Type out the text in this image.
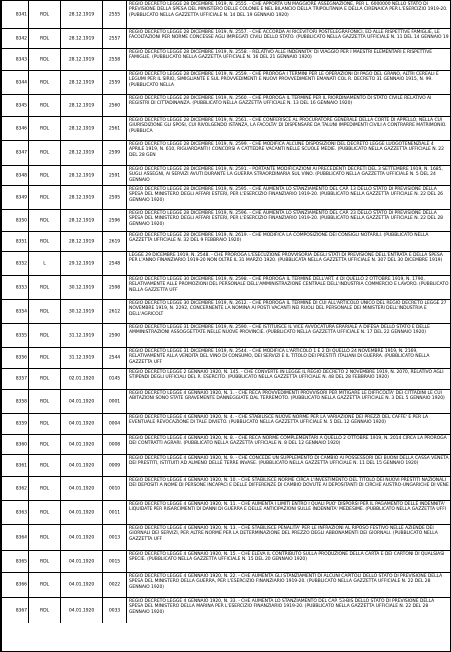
8341	RDL	28.12.1919	2555
REGIO DECRETO LEGGE 28 DICEMBRE 1919, N. 2555. - CHE APPORTA UN MAGGIORE ASSEGNAZIONE, PER L. 6000000 NELLO STATO DI PREVISIONE DELLA SPESA DEL MINISTERO DELLE COLONIE E NEL BILANCIO DELLA TRIPOLITANIA E DELLA CIRENAICA PER L'ESERCIZIO 1919-20. (PUBBLICATO NELLA GAZZETTA UFFICIALE N. 14 DEL 19 GENNAIO 1920)
8342	RDL	28.12.1919	2557
REGIO DECRETO LEGGE 28 DICEMBRE 1919, N. 2557. - CHE ACCORDA AI RICEVITORI POSTELEGRAFONICI, ED ALLE RISPETTIVE FAMIGLIE, LE FACOLTAZIONI PER NORME CONCESSE AGLI IMPIEGATI CIVILI DELLO STATO. (PUBBLICATO NELLA GAZZETTA UFFICIALE N. 11 DEL 14 GENNAIO 19
8343	RDL	28.12.1919	2558
REGIO DECRETO LEGGE 28 DICEMBRE 1919, N. 2558. - RELATIVO ALLE INDENNITA' DI VIAGGIO PER I MAESTRI ELEMENTARI E RISPETTIVE FAMIGLIE. (PUBBLICATO NELLA GAZZETTA UFFICIALE N. 16 DEL 21 GENNAIO 1920)
8344	RDL	28.12.1919	2559
REGIO DECRETO LEGGE 28 DICEMBRE 1919, N. 2559. - CHE PROROGA I TERMINI PER LE OPERAZIONI DI PAGO DEL GRANO, ALTRI CEREALI E LEGUMI PER IL SIRIO, SIMIGLIANTE E SUL PROVVEDIMENTI E NUOVI PROVVEDIMENTI EMANATI COL R. DECRETO 31 GENNAIO 1915, N. 99. (PUBBLICATO NELLA
8345	RDL	28.12.1919	2560
REGIO DECRETO LEGGE 28 DICEMBRE 1919, N. 2560. - CHE PROROGA IL TERMINE PER IL RIORDINAMENTO DI STATO CIVILE RELATIVO AI REGISTRI DI CITTADINANZA. (PUBBLICATO NELLA GAZZETTA UFFICIALE N. 13 DEL 16 GENNAIO 1920)
8346	RDL	28.12.1919	2561
REGIO DECRETO LEGGE 28 DICEMBRE 1919, N. 2561. - CHE CONFERISCE AL PROCURATORE GENERALE DELLA CORTE DI APPELLO, NELLA CUI GIURISDIZIONE GLI SPOSI, CUI RIVOLGENDO ISTANZA, LA FACOLTA' DI DISPENSARE DA TALUNI IMPEDIMENTI CIVILI A CONTRARRE MATRIMONIO. (PUBBLICA
8347	RDL	28.12.1919	2599
REGIO DECRETO LEGGE 28 DICEMBRE 1919, N. 2599. - CHE MODIFICA ALCUNE DISPOSIZIONI DEL DECRETO LEGGE LUOGOTENENZIALE 4 APRILE 1919, N. 610, RIGUARDANTI I CONCORSI A CATTEDRE VACANTI NELLE SCUOLE MEDIE. (PUBBLICATO NELLA GAZZETTA UFFICIALE N. 22 DEL 28 GEN
8348	RDL	28.12.1919	2591
REGIO DECRETO LEGGE 28 DICEMBRE 1919, N. 2591. - PORTANTE MODIFICAZIONI AI PRECEDENTI DECRETI DEL 3 SETTEMBRE 1919, N. 1685, SUGLI ASSEGNI, AI SERVIZI AVUTI DURANTE LA GUERRA STRAORDINARIA SUL VINO. (PUBBLICATO NELLA GAZZETTA UFFICIALE N. 5 DEL 24 GENNAIO
8349	RDL	28.12.1919	2595
REGIO DECRETO LEGGE 28 DICEMBRE 1919, N. 2595. - CHE AUMENTA LO STANZIAMENTO DEL CAP. 13 DELLO STATO DI PREVISIONE DELLA SPESA DEL MINISTERO DEGLI AFFARI ESTERI, PER L'ESERCIZIO FINANZIARIO 1919-20. (PUBBLICATO NELLA GAZZETTA UFFICIALE N. 22 DEL 26 GENNAIO 1920)
8350	RDL	28.12.1919	2596
REGIO DECRETO LEGGE 28 DICEMBRE 1919, N. 2596. - CHE AUMENTA LO STANZIAMENTO DEL CAP. 23 DELLO STATO DI PREVISIONE DELLA SPESA DEL MINISTERO DEGLI AFFARI ESTERI, PER L'ESERCIZIO FINANZIARIO 1919-20. (PUBBLICATO NELLA GAZZETTA UFFICIALE N. 22 DEL 28 GENNAIO 1920)
8351	RDL	28.12.1919	2619
REGIO DECRETO LEGGE 28 DICEMBRE 1919, N. 2619. - CHE MODIFICA LA COMPOSIZIONE DEI CONSIGLI NOTARILI. (PUBBLICATO NELLA GAZZETTA UFFICIALE N. 32 DEL 9 FEBBRAIO 1920)
8352	L	29.12.1919	2548
LEGGE 29 DICEMBRE 1919, N. 2548. - CHE PROROGA L'ESECUZIONE PROVVISORIA DEGLI STATI DI PREVISIONE DELL'ENTRATA E DELLA SPESA PER L'ANNO FINANZIARIO 1919-20 NON OLTRE IL 31 MARZO 1920. (PUBBLICATA NELLA GAZZETTA UFFICIALE N. 307 DEL 30 DICEMBRE 1919)
8353	RDL	30.12.1919	2598
REGIO DECRETO LEGGE 30 DICEMBRE 1919, N. 2598. - CHE PROROGA IL TERMINE DELL'ART. 4 DI QUELLO 2 OTTOBRE 1919, N. 1790, RELATIVAMENTE ALLE PROMOZIONI DEL PERSONALE DELL'AMMINISTRAZIONE CENTRALE DELL'INDUSTRIA COMMERCIO E LAVORO. (PUBBLICATO NELLA GAZZETTA UFF
8354	RDL	30.12.1919	2612
REGIO DECRETO LEGGE 30 DICEMBRE 1919, N. 2612. - CHE PROROGA IL TERMINE DI CUI ALL'ARTICOLO UNICO DEL REGIO DECRETO LEGGE 27 NOVEMBRE 1919, N. 2292, CONCERNENTE LA NOMINA AI POSTI VACANTI NEI RUOLI DEL PERSONALE DEI MINISTERI DELL'INDUSTRIA E DELL'AGRICOLT
8355	RDL	31.12.1919	2590
REGIO DECRETO LEGGE 31 DICEMBRE 1919, N. 2590. - CHE ISTITUISCE IL VICE AVVOCATURA ERARIALE A DIFESA DELLO STATO E DELLE AMMINISTRAZIONI ASSOGGETTATE NELLE NUOVE PROVINCIE. (PUBBLICATO NELLA GAZZETTA UFFICIALE N. 17 DEL 22 GENNAIO 1920)
8356	RDL	31.12.1919	2544
REGIO DECRETO LEGGE 31 DICEMBRE 1919, N. 2544. - CHE MODIFICA L'ARTICOLO 1 E 2 DI QUELLO 24 NOVEMBRE 1919, N. 2169, RELATIVAMENTE ALLA VENDITA DEL VINO DI CONSUMO, DEI SERVIZI E IL TITOLO DEI PRESTITI ITALIANI DI GUERRA. (PUBBLICATO NELLA GAZZETTA UFF
8357	RDL	02.01.1920	0145
REGIO DECRETO LEGGE 2 GENNAIO 1920, N. 145. - CHE CONVERTE IN LEGGE IL REGIO DECRETO 2 NOVEMBRE 1919, N. 2070, RELATIVO AGLI STIPENDI DEGLI UFFICIALI DEL R. ESERCITO. (PUBBLICATO NELLA GAZZETTA UFFICIALE N. 48 DEL 28 FEBBRAIO 1920)
8358	RDL	04.01.1920	0001
REGIO DECRETO LEGGE 4 GENNAIO 1920, N. 1. - CHE RECA PROVVEDIMENTI PROVVISORI PER MITIGARE LE DIFFICOLTA' DEI CITTADINI LE CUI ABITAZIONI SONO STATE GRAVEMENTE DANNEGGIATE DAL TERREMOTO. (PUBBLICATO NELLA GAZZETTA UFFICIALE N. 3 DEL 5 GENNAIO 1920)
8359	RDL	04.01.1920	0004
REGIO DECRETO LEGGE 4 GENNAIO 1920, N. 4. - CHE STABILISCE NUOVE NORME PER LA VARIAZIONE DEI PREZZI DEL CAFFE' E PER LA EVENTUALE REVOCAZIONE DI TALE DIVIETO. (PUBBLICATO NELLA GAZZETTA UFFICIALE N. 5 DEL 12 GENNAIO 1920)
8360	RDL	04.01.1920	0008
REGIO DECRETO LEGGE 4 GENNAIO 1920, N. 8. - CHE RECA NORME COMPLEMENTARI A QUELLO 2 OTTOBRE 1919, N. 2014 CIRCA LA PROROGA DEI CONTRATTI AGRARI. (PUBBLICATO NELLA GAZZETTA UFFICIALE N. 8 DEL 12 GENNAIO 1920)
8361	RDL	04.01.1920	0009
REGIO DECRETO LEGGE 4 GENNAIO 1920, N. 9. - CHE CONCEDE UN SUPPLEMENTO DI CAMBIO AI POSSESSORI DEI BUONI DELLA CASSA VENETA DEI PRESTITI, ISTITUITI AD ALMENO DELLE TERRE INVASE. (PUBBLICATO NELLA GAZZETTA UFFICIALE N. 11 DEL 15 GENNAIO 1920)
8362	RDL	04.01.1920	0010
REGIO DECRETO LEGGE 4 GENNAIO 1920, N. 10. - CHE STABILISCE NORME CIRCA L'INVESTIMENTO DEL TITOLO DEI NUOVI PRESTITI NAZIONALI DEI DEPOSITI A NOME DI PERSONE INCAPACI E DELLE DIFFERENZE DI CAMBIO DOVUTE AI DEPOSITANTI DI CIRCHE AUSTRO-UNGARICHE DI VENE
8363	RDL	04.01.1920	0011
REGIO DECRETO LEGGE 4 GENNAIO 1920, N. 11. - CHE AUMENTA I LIMITI ENTRO I QUALI PUO' DISPORSI PER IL PAGAMENTO DELLE INDENNITA' LIQUIDATE PER RISARCIMENTI DI DANNI DI GUERRA E DELLE ANTICIPAZIONI SULLE INDENNITA' MEDESIME. (PUBBLICATO NELLA GAZZETTA UFFI
8364	RDL	04.01.1920	0013
REGIO DECRETO LEGGE 4 GENNAIO 1920, N. 13. - CHE STABILISCE PENALITA' PER LE INFRAZIONI AL RIPOSO FESTIVO NELLE AZIENDE DEI GIORNALI DEI SERVIZI, PER ALTRE NORME PER LA DETERMINAZIONE DEL PREZZO DEGLI ABBONAMENTI DEI GIORNALI. (PUBBLICATO NELLA GAZZETTA UFF
8365	RDL	04.01.1920	0015
REGIO DECRETO LEGGE 4 GENNAIO 1920, N. 15. - CHE ELEVA IL CONTRIBUTO SULLA PRODUZIONE DELLA CARTA E DEI CARTONI DI QUALSIASI SPECIE. (PUBBLICATO NELLA GAZZETTA UFFICIALE N. 15 DEL 20 GENNAIO 1920)
8366	RDL	04.01.1920	0022
REGIO DECRETO LEGGE 4 GENNAIO 1920, N. 22. - CHE AUMENTA GLI STANZIAMENTI DI ALCUNI CAPITOLI DELLO STATO DI PREVISIONE DELLA SPESA DEL MINISTERO DELLA GUERRA, PER L'ESERCIZIO FINANZIARIO 1919-20. (PUBBLICATO NELLA GAZZETTA UFFICIALE N. 22 DEL 28 GENNAIO 1920)
8367	RDL	04.01.1920	0033
REGIO DECRETO LEGGE 4 GENNAIO 1920, N. 33. - CHE AUMENTA LO STANZIAMENTO DEL CAP. 53-BIS DELLO STATO DI PREVISIONE DELLA SPESA DEL MINISTERO DELLA MARINA PER L'ESERCIZIO FINANZIARIO 1919-20. (PUBBLICATO NELLA GAZZETTA UFFICIALE N. 22 DEL 28 GENNAIO 1920)
